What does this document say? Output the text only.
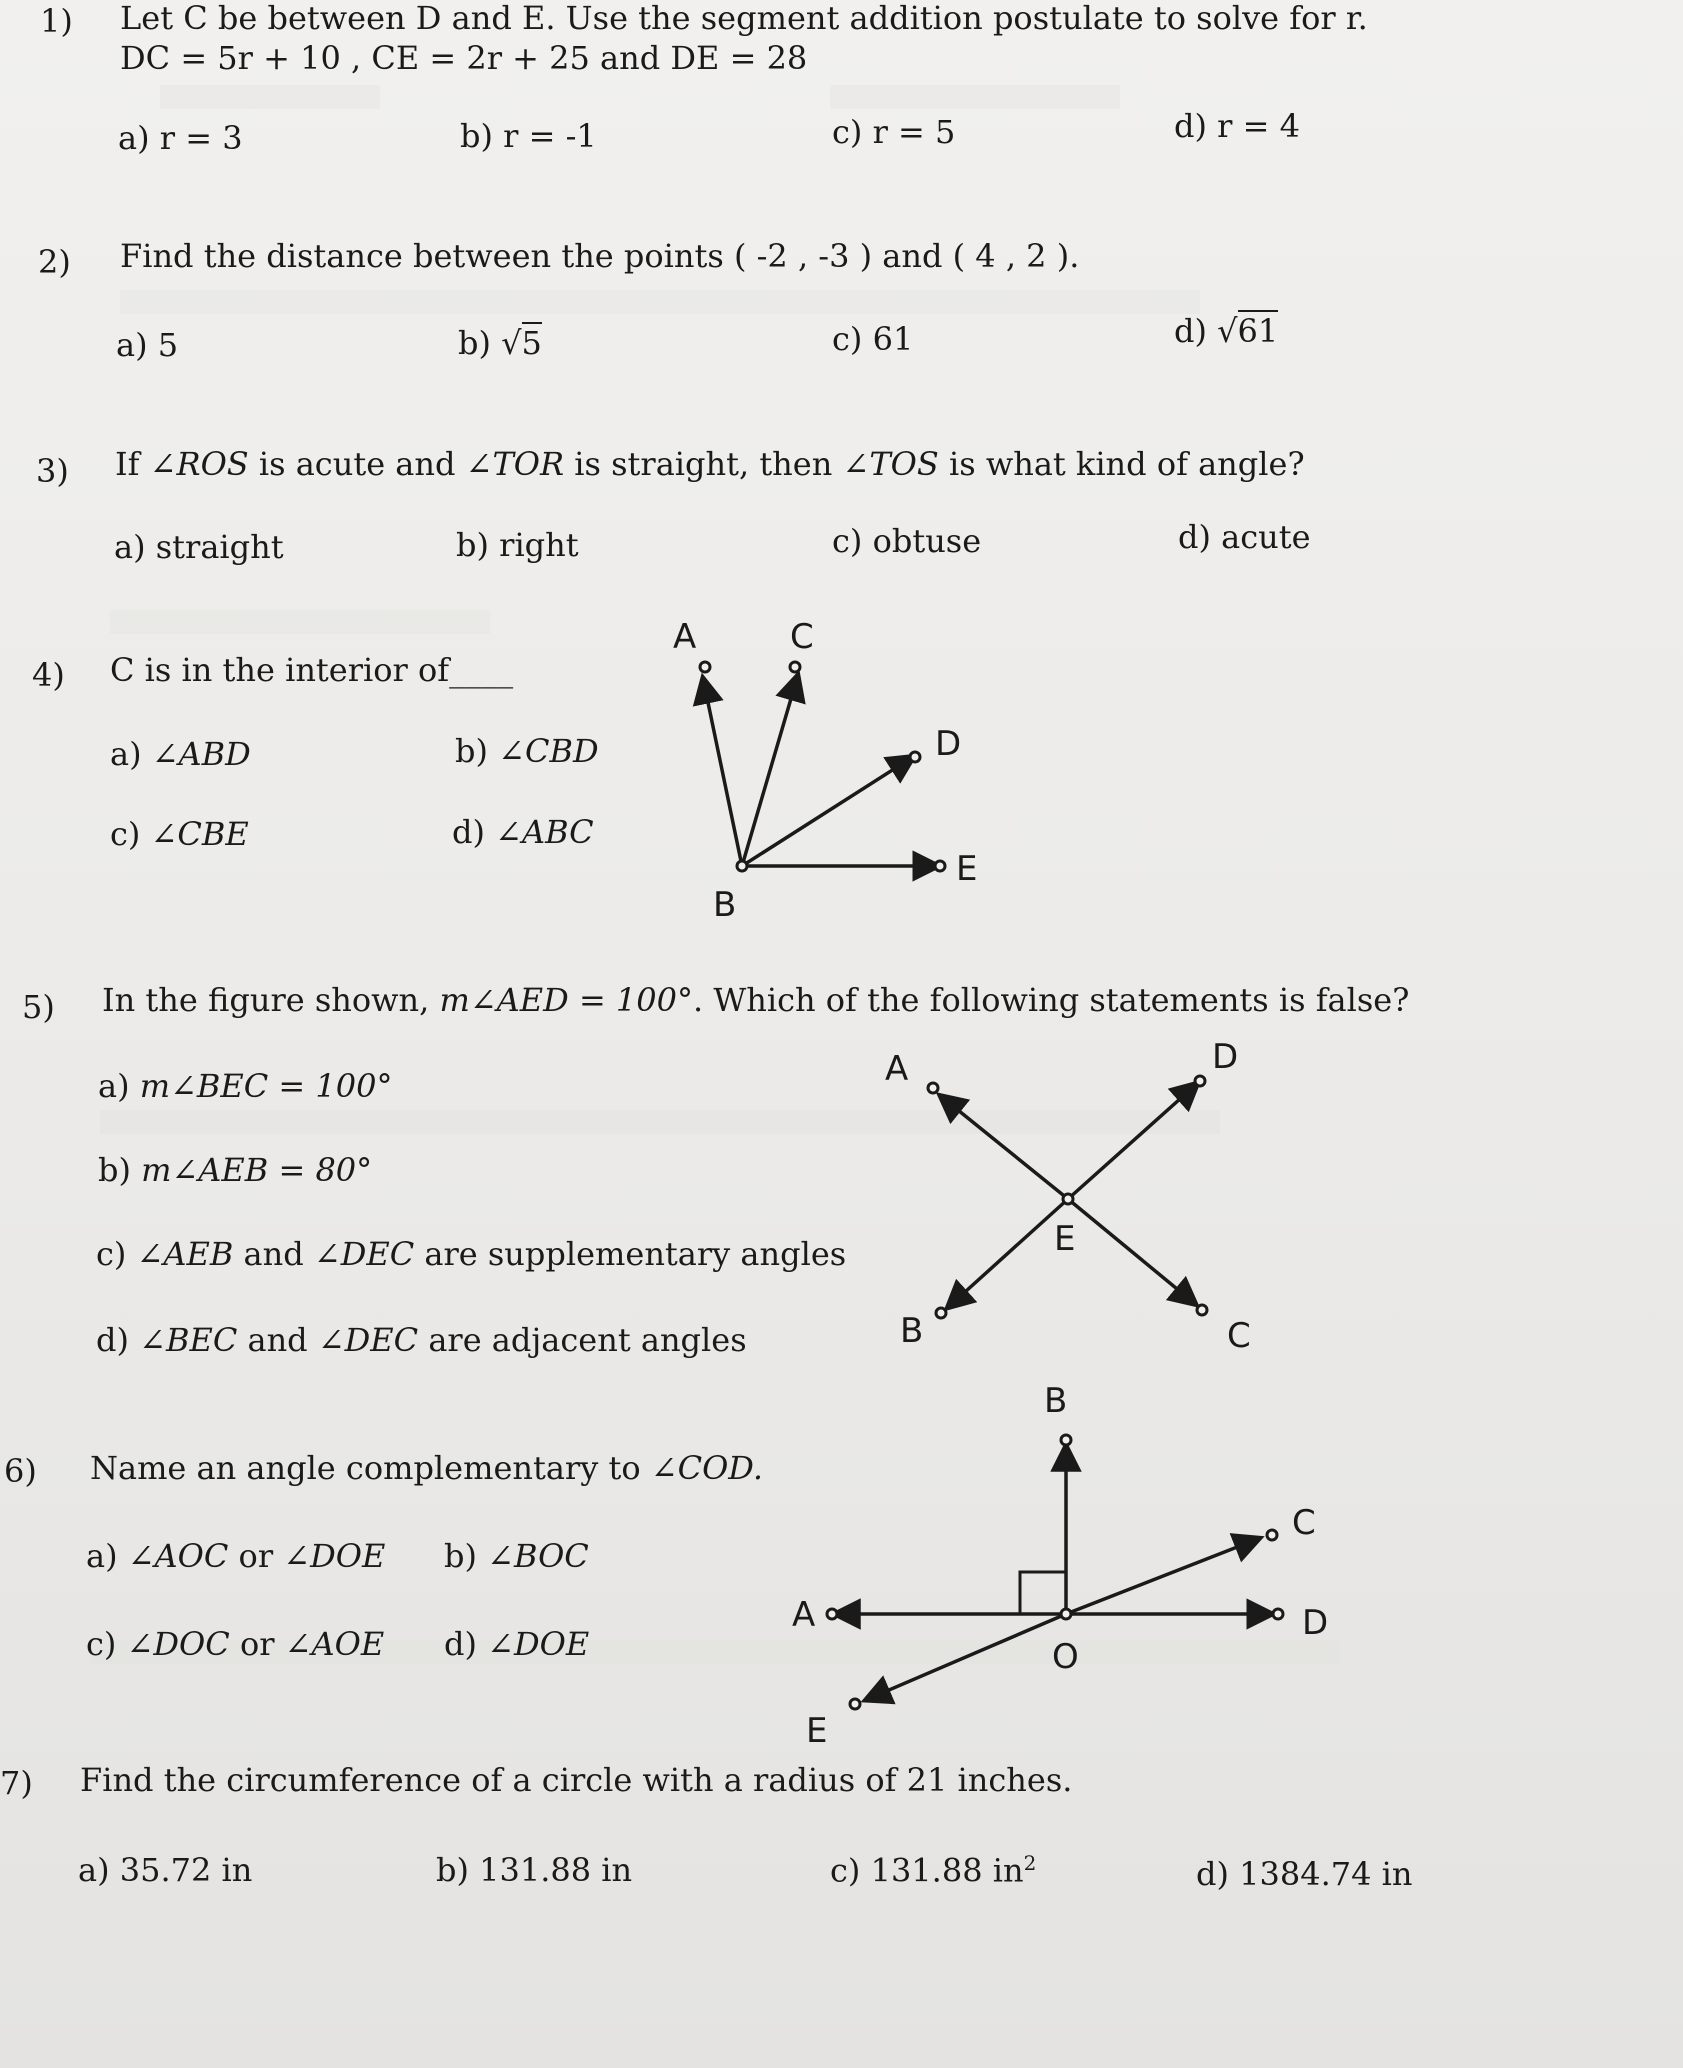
1) Let C be between D and E. Use the segment addition postulate to solve for r.
DC = 5r + 10 , CE = 2r + 25 and DE = 28
a) r = 3	b) r = -1	c) r = 5	d) r = 4
2) Find the distance between the points ( -2 , -3 ) and ( 4 , 2 ).
a) 5	b) √5	c) 61	d) √61
3) If ∠ROS is acute and ∠TOR is straight, then ∠TOS is what kind of angle?
a) straight	b) right	c) obtuse	d) acute
4) C is in the interior of____
a) ∠ABD	b) ∠CBD
c) ∠CBE	d) ∠ABC
A	C
D
E
B
5) In the figure shown, m∠AED = 100°. Which of the following statements is false?
a) m∠BEC = 100°
b) m∠AEB = 80°
c) ∠AEB and ∠DEC are supplementary angles
d) ∠BEC and ∠DEC are adjacent angles
A	D
E
B	C
6) Name an angle complementary to ∠COD.
a) ∠AOC or ∠DOE b) ∠BOC
c) ∠DOC or ∠AOE d) ∠DOE
B
A	D
C
O
E
7) Find the circumference of a circle with a radius of 21 inches.
a) 35.72 in	b) 131.88 in	c) 131.88 $in^2$	d) 1384.74 in
